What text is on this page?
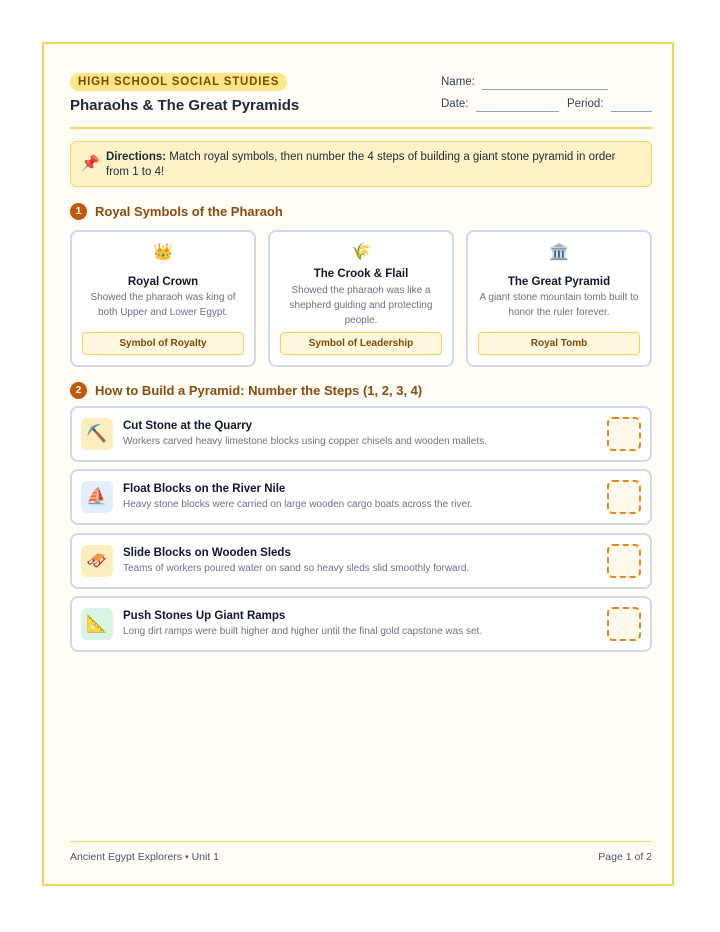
HIGH SCHOOL SOCIAL STUDIES
Pharaohs & The Great Pyramids
Name:
Date:	Period:
📌 Directions: Match royal symbols, then number the 4 steps of building a giant stone pyramid in order from 1 to 4!
1	Royal Symbols of the Pharaoh
👑
Royal Crown
Showed the pharaoh was king of both Upper and Lower Egypt.
Symbol of Royalty
🌾
The Crook & Flail
Showed the pharaoh was like a shepherd guiding and protecting people.
Symbol of Leadership
🏛️
The Great Pyramid
A giant stone mountain tomb built to honor the ruler forever.
Royal Tomb
2	How to Build a Pyramid: Number the Steps (1, 2, 3, 4)
⛏️	Cut Stone at the Quarry
Workers carved heavy limestone blocks using copper chisels and wooden mallets.
⛵	Float Blocks on the River Nile
Heavy stone blocks were carried on large wooden cargo boats across the river.
🛷	Slide Blocks on Wooden Sleds
Teams of workers poured water on sand so heavy sleds slid smoothly forward.
📐	Push Stones Up Giant Ramps
Long dirt ramps were built higher and higher until the final gold capstone was set.
Ancient Egypt Explorers • Unit 1	Page 1 of 2
